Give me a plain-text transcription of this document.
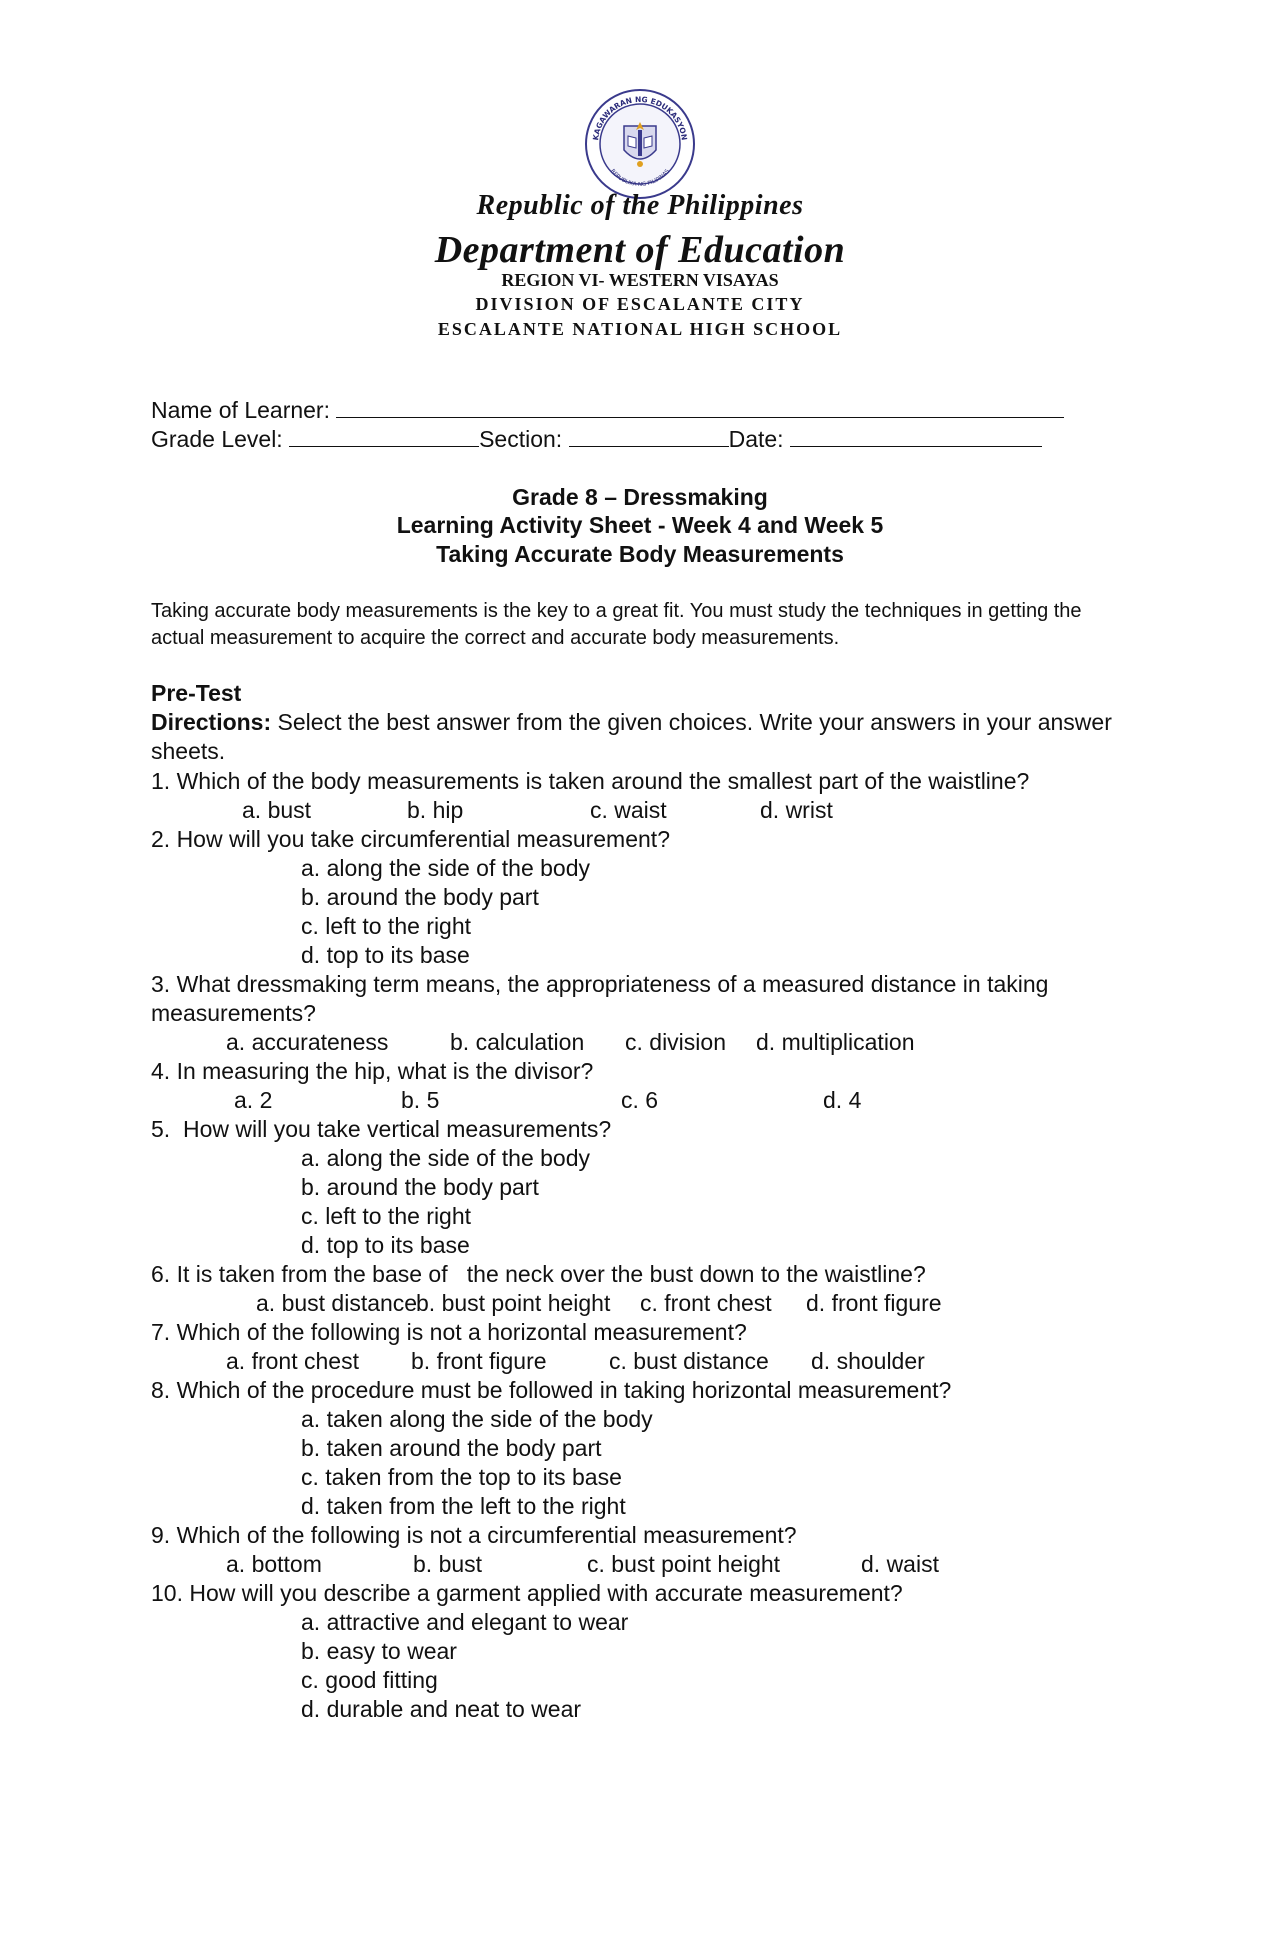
KAGAWARAN NG EDUKASYON
REPUBLIKA NG PILIPINAS
Republic of the Philippines
Department of Education
REGION VI- WESTERN VISAYAS
DIVISION OF ESCALANTE CITY
ESCALANTE NATIONAL HIGH SCHOOL
Name of Learner:
Grade Level:	Section:	Date:
Grade 8 – Dressmaking
Learning Activity Sheet - Week 4 and Week 5
Taking Accurate Body Measurements
Taking accurate body measurements is the key to a great fit. You must study the techniques in getting the actual measurement to acquire the correct and accurate body measurements.
Pre-Test
Directions: Select the best answer from the given choices. Write your answers in your answer sheets.
1. Which of the body measurements is taken around the smallest part of the waistline?
a. bust	b. hip	c. waist	d. wrist
2. How will you take circumferential measurement?
a. along the side of the body
b. around the body part
c. left to the right
d. top to its base
3. What dressmaking term means, the appropriateness of a measured distance in taking measurements?
a. accurateness	b. calculation c. division d. multiplication
4. In measuring the hip, what is the divisor?
a. 2	b. 5	c. 6	d. 4
5.  How will you take vertical measurements?
a. along the side of the body
b. around the body part
c. left to the right
d. top to its base
6. It is taken from the base of   the neck over the bust down to the waistline?
a. bust distance
b. bust point height c. front chest d. front figure
7. Which of the following is not a horizontal measurement?
a. front chest b. front figure	c. bust distance d. shoulder
8. Which of the procedure must be followed in taking horizontal measurement?
a. taken along the side of the body
b. taken around the body part
c. taken from the top to its base
d. taken from the left to the right
9. Which of the following is not a circumferential measurement?
a. bottom	b. bust	c. bust point height	d. waist
10. How will you describe a garment applied with accurate measurement?
a. attractive and elegant to wear
b. easy to wear
c. good fitting
d. durable and neat to wear
